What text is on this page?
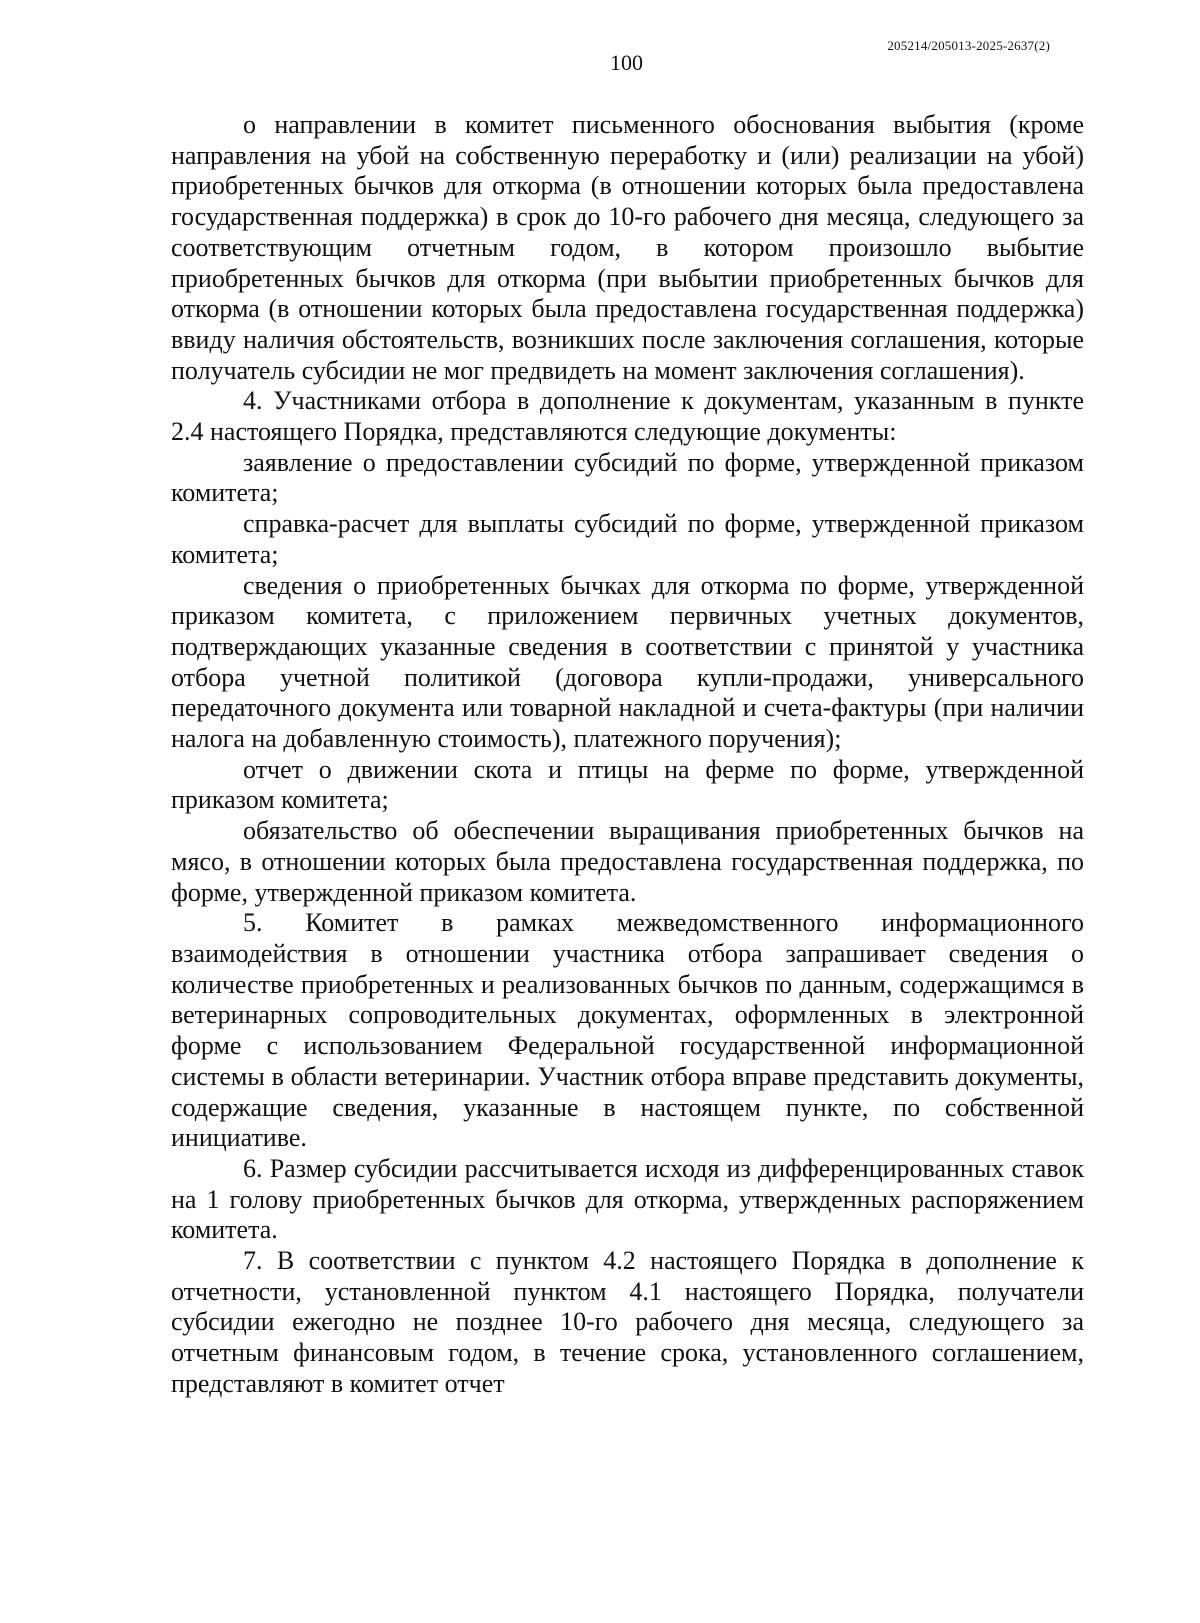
205214/205013-2025-2637(2)
100

о направлении в комитет письменного обоснования выбытия (кроме направления на убой на собственную переработку и (или) реализации на убой) приобретенных бычков для откорма (в отношении которых была предоставлена государственная поддержка) в срок до 10-го рабочего дня месяца, следующего за соответствующим отчетным годом, в котором произошло выбытие приобретенных бычков для откорма (при выбытии приобретенных бычков для откорма (в отношении которых была предоставлена государственная поддержка) ввиду наличия обстоятельств, возникших после заключения соглашения, которые получатель субсидии не мог предвидеть на момент заключения соглашения).

4. Участниками отбора в дополнение к документам, указанным в пункте 2.4 настоящего Порядка, представляются следующие документы:

заявление о предоставлении субсидий по форме, утвержденной приказом комитета;

справка-расчет для выплаты субсидий по форме, утвержденной приказом комитета;

сведения о приобретенных бычках для откорма по форме, утвержденной приказом комитета, с приложением первичных учетных документов, подтверждающих указанные сведения в соответствии с принятой у участника отбора учетной политикой (договора купли-продажи, универсального передаточного документа или товарной накладной и счета-фактуры (при наличии налога на добавленную стоимость), платежного поручения);

отчет о движении скота и птицы на ферме по форме, утвержденной приказом комитета;

обязательство об обеспечении выращивания приобретенных бычков на мясо, в отношении которых была предоставлена государственная поддержка, по форме, утвержденной приказом комитета.

5. Комитет в рамках межведомственного информационного взаимодействия в отношении участника отбора запрашивает сведения о количестве приобретенных и реализованных бычков по данным, содержащимся в ветеринарных сопроводительных документах, оформленных в электронной форме с использованием Федеральной государственной информационной системы в области ветеринарии. Участник отбора вправе представить документы, содержащие сведения, указанные в настоящем пункте, по собственной инициативе.

6. Размер субсидии рассчитывается исходя из дифференцированных ставок на 1 голову приобретенных бычков для откорма, утвержденных распоряжением комитета.

7. В соответствии с пунктом 4.2 настоящего Порядка в дополнение к отчетности, установленной пунктом 4.1 настоящего Порядка, получатели субсидии ежегодно не позднее 10-го рабочего дня месяца, следующего за отчетным финансовым годом, в течение срока, установленного соглашением, представляют в комитет отчет
